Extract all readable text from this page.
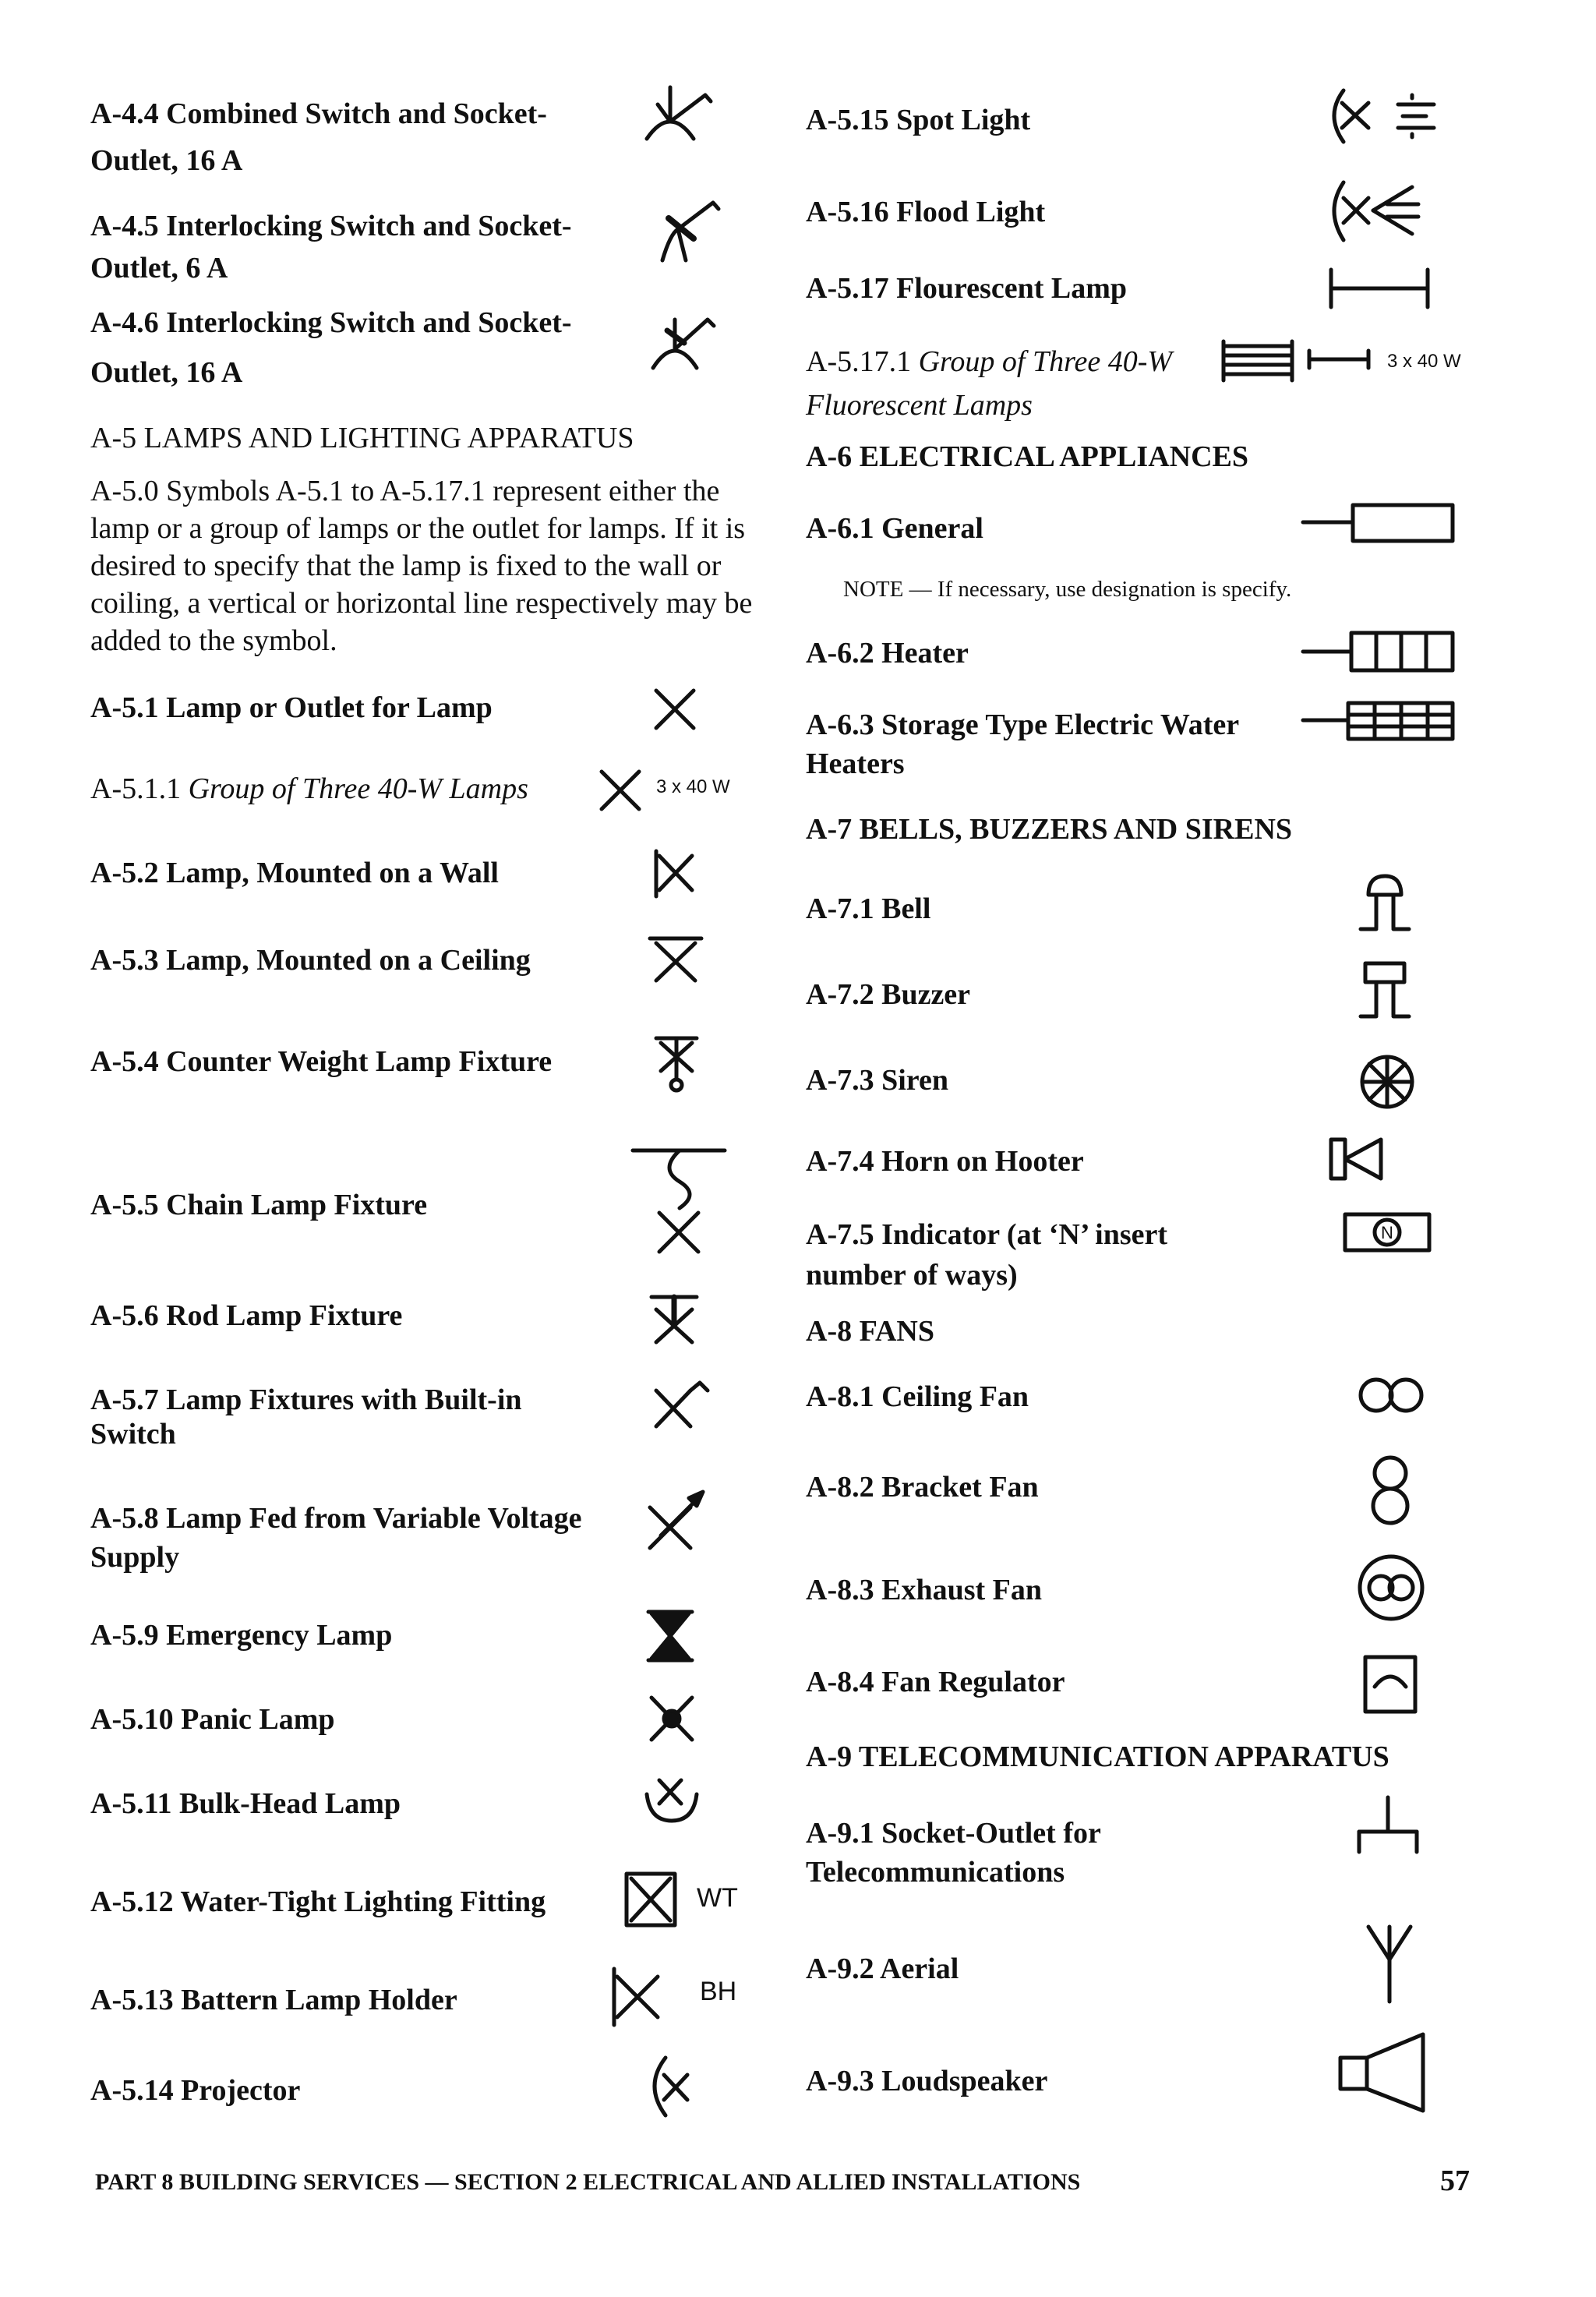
A-4.4 Combined Switch and Socket-
Outlet, 16 A
A-4.5 Interlocking Switch and Socket-
Outlet, 6 A
A-4.6 Interlocking Switch and Socket-
Outlet, 16 A
A-5 LAMPS AND LIGHTING APPARATUS
A-5.0 Symbols A-5.1 to A-5.17.1 represent either the lamp or a group of lamps or the outlet for lamps. If it is desired to specify that the lamp is fixed to the wall or coiling, a vertical or horizontal line respectively may be added to the symbol.
A-5.1 Lamp or Outlet for Lamp
A-5.1.1 Group of Three 40-W Lamps	3 x 40 W
A-5.2 Lamp, Mounted on a Wall
A-5.3 Lamp, Mounted on a Ceiling
A-5.4 Counter Weight Lamp Fixture
A-5.5 Chain Lamp Fixture
A-5.6 Rod Lamp Fixture
A-5.7 Lamp Fixtures with Built-in
Switch
A-5.8 Lamp Fed from Variable Voltage
Supply
A-5.9 Emergency Lamp
A-5.10 Panic Lamp
A-5.11 Bulk-Head Lamp
A-5.12 Water-Tight Lighting Fitting	WT
A-5.13 Battern Lamp Holder	BH
A-5.14 Projector
A-5.15 Spot Light
A-5.16 Flood Light
A-5.17 Flourescent Lamp
A-5.17.1 Group of Three 40-W
Fluorescent Lamps
3 x 40 W
A-6 ELECTRICAL APPLIANCES
A-6.1 General
NOTE — If necessary, use designation is specify.
A-6.2 Heater
A-6.3 Storage Type Electric Water
Heaters
A-7 BELLS, BUZZERS AND SIRENS
A-7.1 Bell
A-7.2 Buzzer
A-7.3 Siren
A-7.4 Horn on Hooter
A-7.5 Indicator (at ‘N’ insert
number of ways)
N
A-8 FANS
A-8.1 Ceiling Fan
A-8.2 Bracket Fan
A-8.3 Exhaust Fan
A-8.4 Fan Regulator
A-9 TELECOMMUNICATION APPARATUS
A-9.1 Socket-Outlet for
Telecommunications
A-9.2 Aerial
A-9.3 Loudspeaker
PART 8 BUILDING SERVICES — SECTION 2 ELECTRICAL AND ALLIED INSTALLATIONS	57
